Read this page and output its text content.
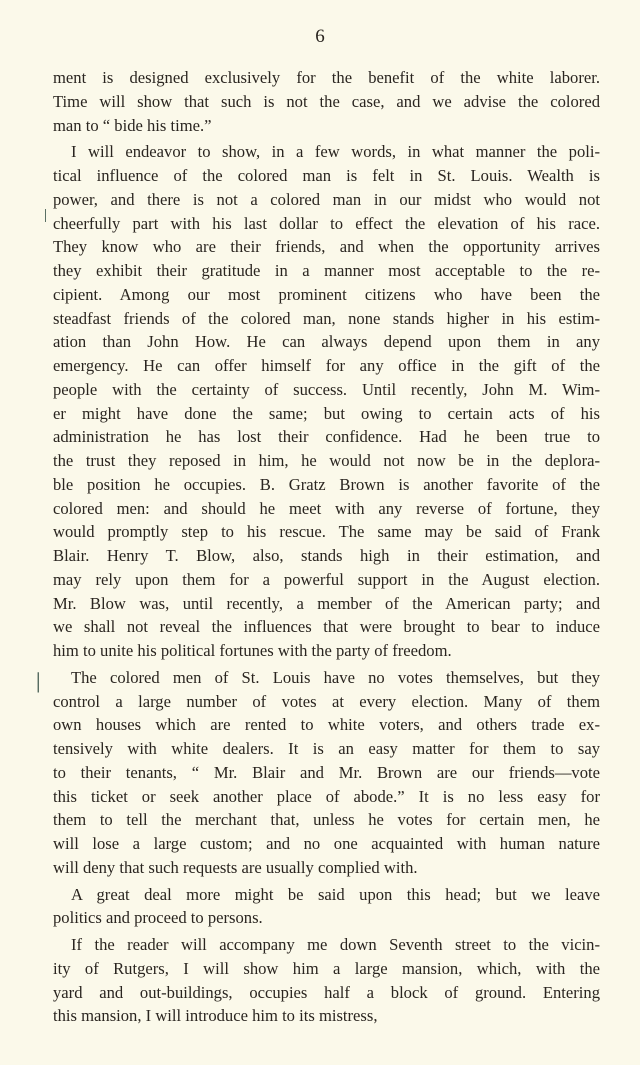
6
ment is designed exclusively for the benefit of the white laborer.
Time will show that such is not the case, and we advise the colored
man to “ bide his time.”
I will endeavor to show, in a few words, in what manner the poli-
tical influence of the colored man is felt in St. Louis. Wealth is
power, and there is not a colored man in our midst who would not
cheerfully part with his last dollar to effect the elevation of his race.
They know who are their friends, and when the opportunity arrives
they exhibit their gratitude in a manner most acceptable to the re-
cipient. Among our most prominent citizens who have been the
steadfast friends of the colored man, none stands higher in his estim-
ation than John How. He can always depend upon them in any
emergency. He can offer himself for any office in the gift of the
people with the certainty of success. Until recently, John M. Wim-
er might have done the same; but owing to certain acts of his
administration he has lost their confidence. Had he been true to
the trust they reposed in him, he would not now be in the deplora-
ble position he occupies. B. Gratz Brown is another favorite of the
colored men: and should he meet with any reverse of fortune, they
would promptly step to his rescue. The same may be said of Frank
Blair. Henry T. Blow, also, stands high in their estimation, and
may rely upon them for a powerful support in the August election.
Mr. Blow was, until recently, a member of the American party; and
we shall not reveal the influences that were brought to bear to induce
him to unite his political fortunes with the party of freedom.
The colored men of St. Louis have no votes themselves, but they
control a large number of votes at every election. Many of them
own houses which are rented to white voters, and others trade ex-
tensively with white dealers. It is an easy matter for them to say
to their tenants, “ Mr. Blair and Mr. Brown are our friends—vote
this ticket or seek another place of abode.” It is no less easy for
them to tell the merchant that, unless he votes for certain men, he
will lose a large custom; and no one acquainted with human nature
will deny that such requests are usually complied with.
A great deal more might be said upon this head; but we leave
politics and proceed to persons.
If the reader will accompany me down Seventh street to the vicin-
ity of Rutgers, I will show him a large mansion, which, with the
yard and out-buildings, occupies half a block of ground. Entering
this mansion, I will introduce him to its mistress,
|
|
